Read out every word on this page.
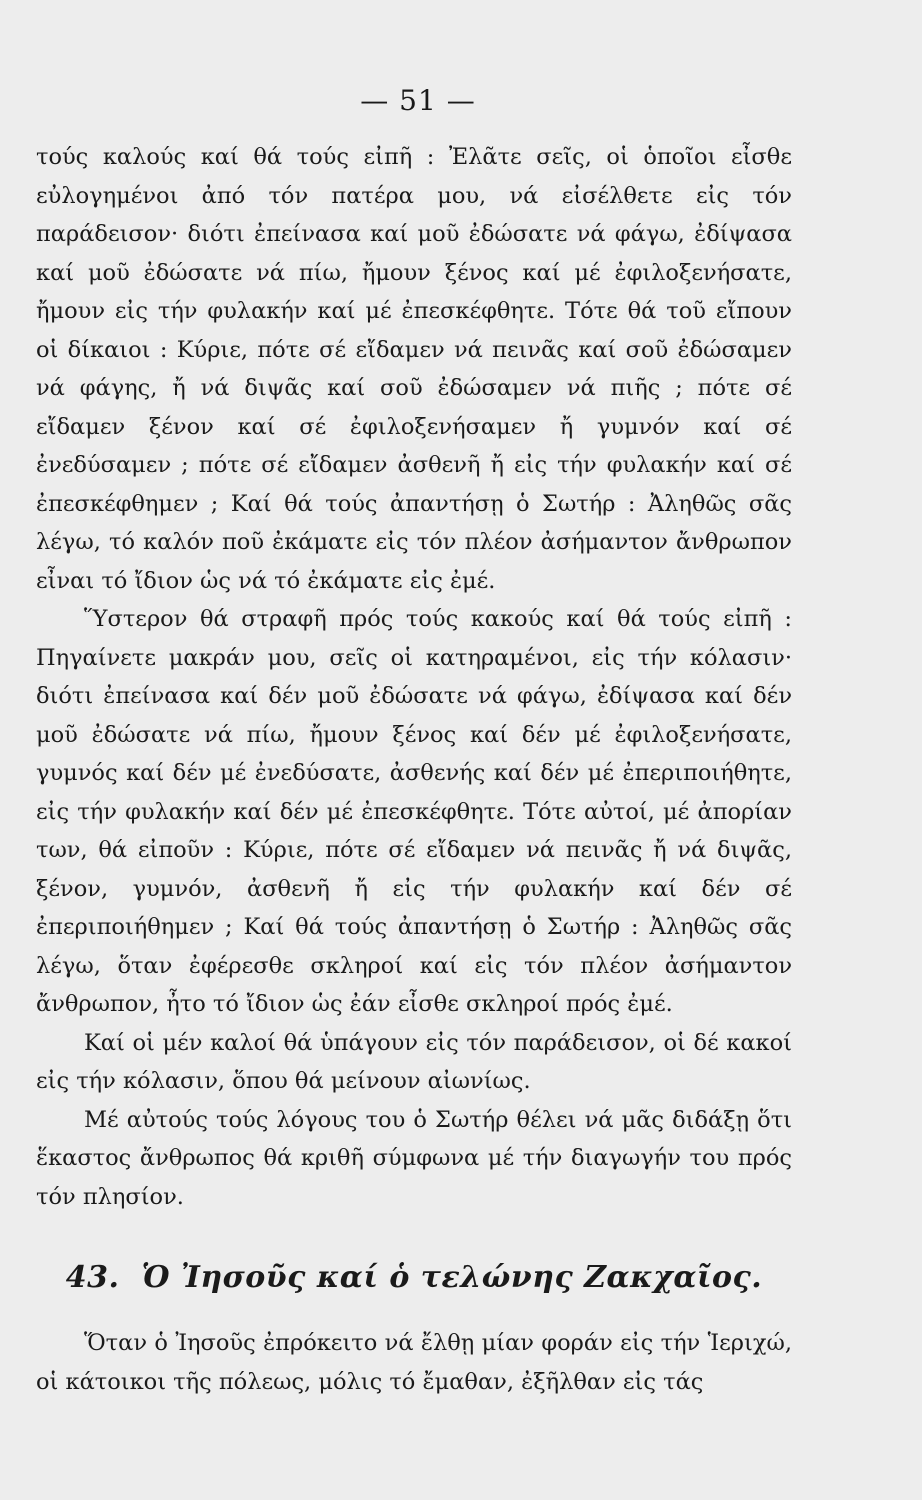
— 51 —

τούς καλούς καί θά τούς εἰπῆ : Ἐλᾶτε σεῖς, οἱ ὁποῖοι εἶσθε εὐλογημένοι ἀπό τόν πατέρα μου, νά εἰσέλθετε εἰς τόν παράδεισον· διότι ἐπείνασα καί μοῦ ἐδώσατε νά φάγω, ἐδίψασα καί μοῦ ἐδώσατε νά πίω, ἤμουν ξένος καί μέ ἐφιλοξενήσατε, ἤμουν εἰς τήν φυλακήν καί μέ ἐπεσκέφθητε. Τότε θά τοῦ εἴπουν οἱ δίκαιοι : Κύριε, πότε σέ εἴδαμεν νά πεινᾶς καί σοῦ ἐδώσαμεν νά φάγης, ἤ νά διψᾶς καί σοῦ ἐδώσαμεν νά πιῆς ; πότε σέ εἴδαμεν ξένον καί σέ ἐφιλοξενήσαμεν ἤ γυμνόν καί σέ ἐνεδύσαμεν ; πότε σέ εἴδαμεν ἀσθενῆ ἤ εἰς τήν φυλακήν καί σέ ἐπεσκέφθημεν ; Καί θά τούς ἀπαντήσῃ ὁ Σωτήρ : Ἀληθῶς σᾶς λέγω, τό καλόν ποῦ ἐκάματε εἰς τόν πλέον ἀσήμαντον ἄνθρωπον εἶναι τό ἴδιον ὡς νά τό ἐκάματε εἰς ἐμέ.

Ὕστερον θά στραφῆ πρός τούς κακούς καί θά τούς εἰπῆ : Πηγαίνετε μακράν μου, σεῖς οἱ κατηραμένοι, εἰς τήν κόλασιν· διότι ἐπείνασα καί δέν μοῦ ἐδώσατε νά φάγω, ἐδίψασα καί δέν μοῦ ἐδώσατε νά πίω, ἤμουν ξένος καί δέν μέ ἐφιλοξενήσατε, γυμνός καί δέν μέ ἐνεδύσατε, ἀσθενής καί δέν μέ ἐπεριποιήθητε, εἰς τήν φυλακήν καί δέν μέ ἐπεσκέφθητε. Τότε αὐτοί, μέ ἀπορίαν των, θά εἰποῦν : Κύριε, πότε σέ εἴδαμεν νά πεινᾶς ἤ νά διψᾶς, ξένον, γυμνόν, ἀσθενῆ ἤ εἰς τήν φυλακήν καί δέν σέ ἐπεριποιήθημεν ; Καί θά τούς ἀπαντήσῃ ὁ Σωτήρ : Ἀληθῶς σᾶς λέγω, ὅταν ἐφέρεσθε σκληροί καί εἰς τόν πλέον ἀσήμαντον ἄνθρωπον, ἦτο τό ἴδιον ὡς ἐάν εἶσθε σκληροί πρός ἐμέ.

Καί οἱ μέν καλοί θά ὑπάγουν εἰς τόν παράδεισον, οἱ δέ κακοί εἰς τήν κόλασιν, ὅπου θά μείνουν αἰωνίως.

Μέ αὐτούς τούς λόγους του ὁ Σωτήρ θέλει νά μᾶς διδάξῃ ὅτι ἕκαστος ἄνθρωπος θά κριθῆ σύμφωνα μέ τήν διαγωγήν του πρός τόν πλησίον.

43. Ὁ Ἰησοῦς καί ὁ τελώνης Ζακχαῖος.

Ὅταν ὁ Ἰησοῦς ἐπρόκειτο νά ἔλθῃ μίαν φοράν εἰς τήν Ἱεριχώ, οἱ κάτοικοι τῆς πόλεως, μόλις τό ἔμαθαν, ἐξῆλθαν εἰς τάς
